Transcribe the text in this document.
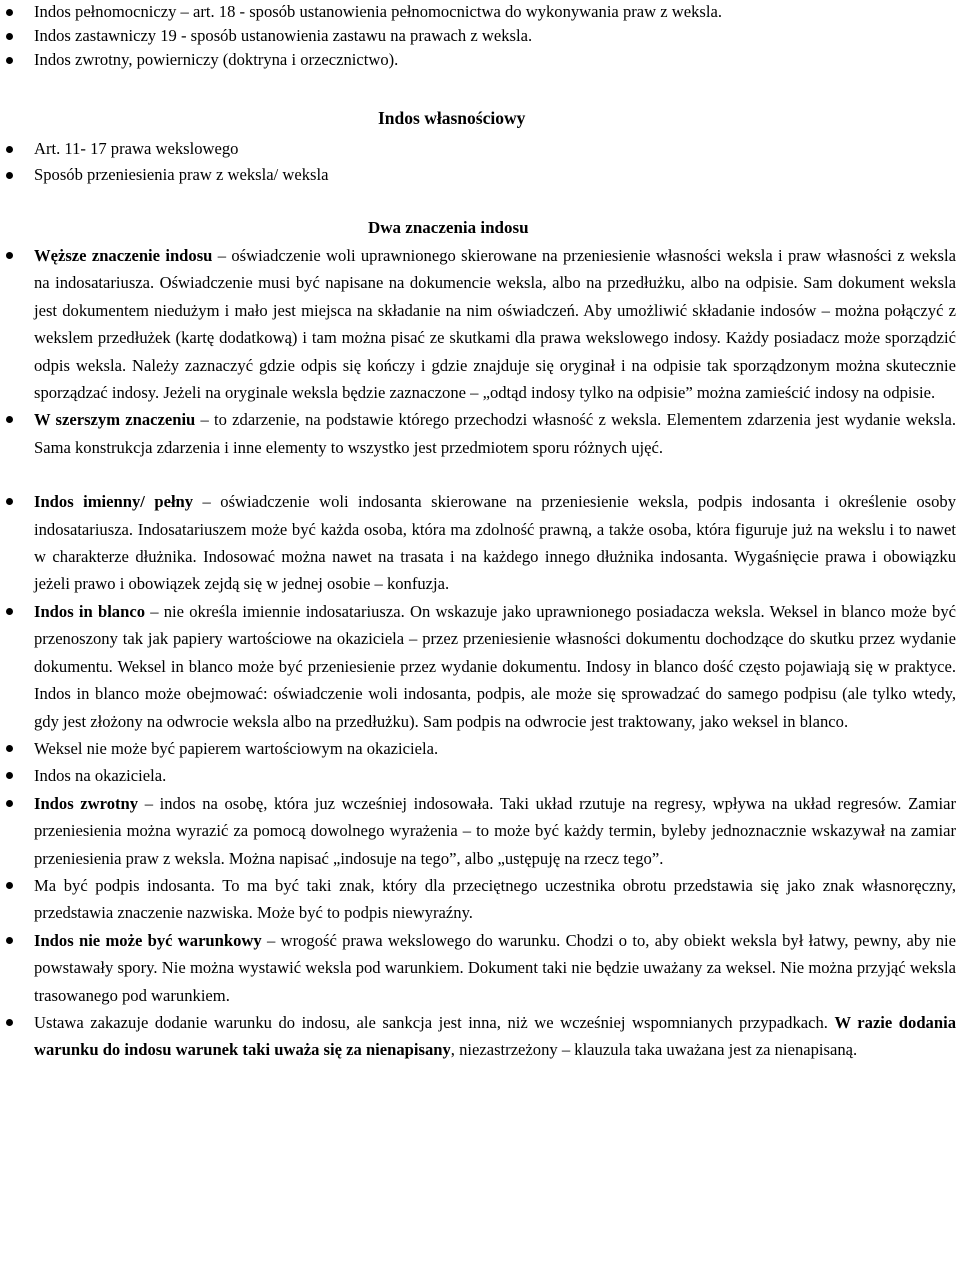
Indos pełnomocniczy – art. 18 - sposób ustanowienia pełnomocnictwa do wykonywania praw z weksla.
Indos zastawniczy 19 - sposób ustanowienia zastawu na prawach z weksla.
Indos zwrotny, powierniczy (doktryna i orzecznictwo).
Indos własnościowy
Art. 11- 17 prawa wekslowego
Sposób przeniesienia praw z weksla/ weksla
Dwa znaczenia indosu
Węższe znaczenie indosu – oświadczenie woli uprawnionego skierowane na przeniesienie własności weksla i praw własności z weksla na indosatariusza. Oświadczenie musi być napisane na dokumencie weksla, albo na przedłużku, albo na odpisie. Sam dokument weksla jest dokumentem niedużym i mało jest miejsca na składanie na nim oświadczeń. Aby umożliwić składanie indosów – można połączyć z wekslem przedłużek (kartę dodatkową) i tam można pisać ze skutkami dla prawa wekslowego indosy. Każdy posiadacz może sporządzić odpis weksla. Należy zaznaczyć gdzie odpis się kończy i gdzie znajduje się oryginał i na odpisie tak sporządzonym można skutecznie sporządzać indosy. Jeżeli na oryginale weksla będzie zaznaczone – „odtąd indosy tylko na odpisie” można zamieścić indosy na odpisie.
W szerszym znaczeniu – to zdarzenie, na podstawie którego przechodzi własność z weksla. Elementem zdarzenia jest wydanie weksla. Sama konstrukcja zdarzenia i inne elementy to wszystko jest przedmiotem sporu różnych ujęć.
Indos imienny/ pełny – oświadczenie woli indosanta skierowane na przeniesienie weksla, podpis indosanta i określenie osoby indosatariusza. Indosatariuszem może być każda osoba, która ma zdolność prawną, a także osoba, która figuruje już na wekslu i to nawet w charakterze dłużnika. Indosować można nawet na trasata i na każdego innego dłużnika indosanta. Wygaśnięcie prawa i obowiązku jeżeli prawo i obowiązek zejdą się w jednej osobie – konfuzja.
Indos in blanco – nie określa imiennie indosatariusza. On wskazuje jako uprawnionego posiadacza weksla. Weksel in blanco może być przenoszony tak jak papiery wartościowe na okaziciela – przez przeniesienie własności dokumentu dochodzące do skutku przez wydanie dokumentu. Weksel in blanco może być przeniesienie przez wydanie dokumentu. Indosy in blanco dość często pojawiają się w praktyce. Indos in blanco może obejmować: oświadczenie woli indosanta, podpis, ale może się sprowadzać do samego podpisu (ale tylko wtedy, gdy jest złożony na odwrocie weksla albo na przedłużku). Sam podpis na odwrocie jest traktowany, jako weksel in blanco.
Weksel nie może być papierem wartościowym na okaziciela.
Indos na okaziciela.
Indos zwrotny – indos na osobę, która juz wcześniej indosowała. Taki układ rzutuje na regresy, wpływa na układ regresów. Zamiar przeniesienia można wyrazić za pomocą dowolnego wyrażenia – to może być każdy termin, byleby jednoznacznie wskazywał na zamiar przeniesienia praw z weksla. Można napisać „indosuje na tego”, albo „ustępuję na rzecz tego”.
Ma być podpis indosanta. To ma być taki znak, który dla przeciętnego uczestnika obrotu przedstawia się jako znak własnoręczny, przedstawia znaczenie nazwiska. Może być to podpis niewyraźny.
Indos nie może być warunkowy – wrogość prawa wekslowego do warunku. Chodzi o to, aby obiekt weksla był łatwy, pewny, aby nie powstawały spory. Nie można wystawić weksla pod warunkiem. Dokument taki nie będzie uważany za weksel. Nie można przyjąć weksla trasowanego pod warunkiem.
Ustawa zakazuje dodanie warunku do indosu, ale sankcja jest inna, niż we wcześniej wspomnianych przypadkach. W razie dodania warunku do indosu warunek taki uważa się za nienapisany, niezastrzeżony – klauzula taka uważana jest za nienapisaną.
